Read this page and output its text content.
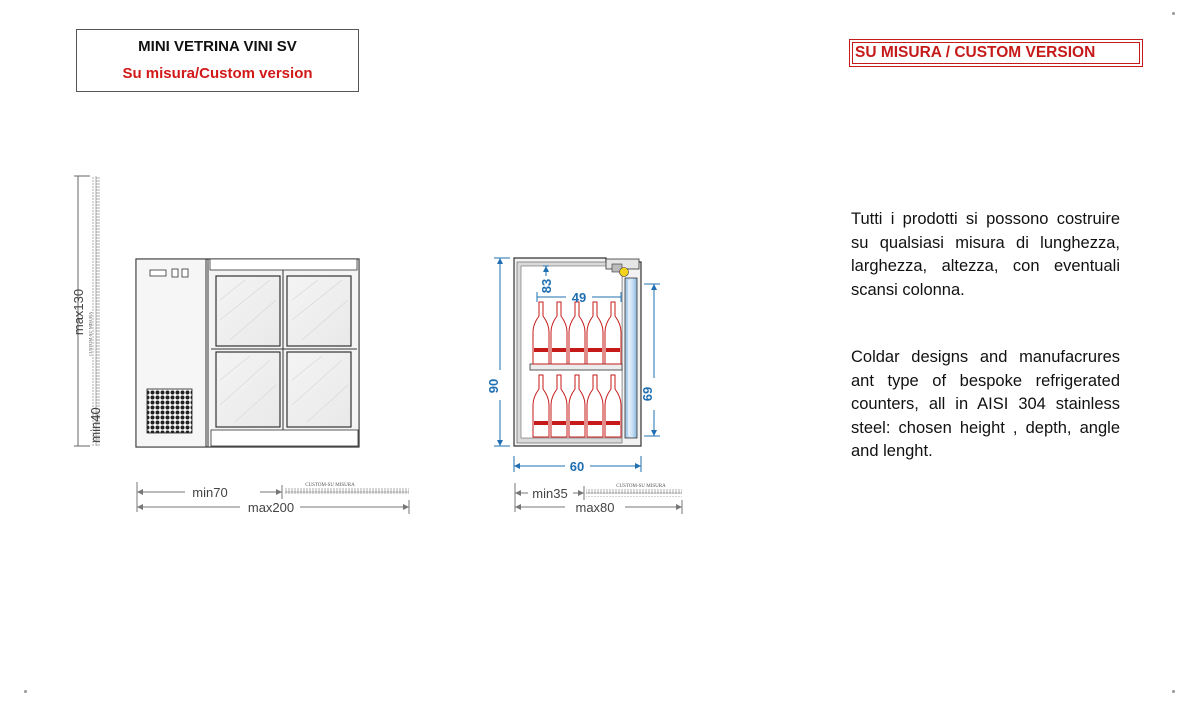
MINI VETRINA VINI SV
Su misura/Custom version
SU MISURA / CUSTOM VERSION
Tutti i prodotti si possono costruire su qualsiasi misura di lunghezza, larghezza, altezza, con eventuali scansi colonna.
Coldar designs and manufacrures ant type of bespoke refrigerated counters, all in AISI 304 stainless steel: chosen height , depth, angle and lenght.
max130
min40
CUSTOM-SU MISURA
min70	CUSTOM-SU MISURA
max200
90
69
83
49
60
min35	CUSTOM-SU MISURA
max80
